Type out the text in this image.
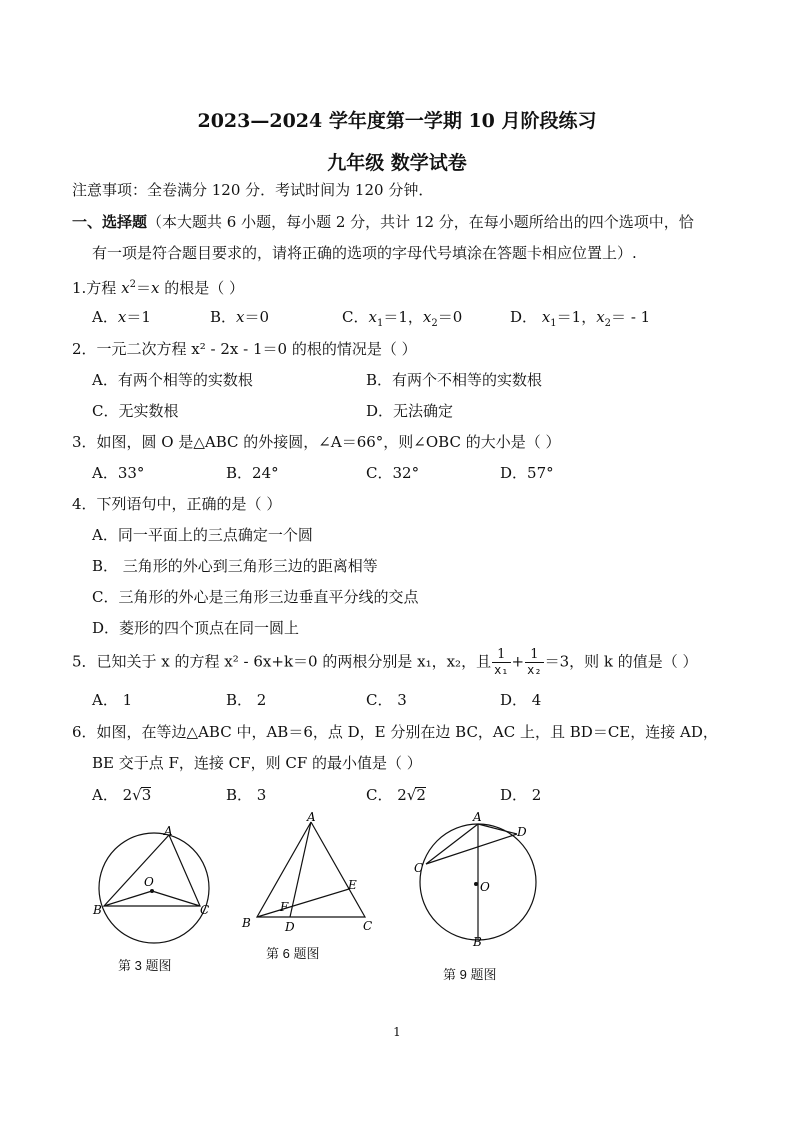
2023—2024 学年度第一学期 10 月阶段练习
九年级 数学试卷
注意事项：全卷满分 120 分．考试时间为 120 分钟．
一、选择题（本大题共 6 小题，每小题 2 分，共计 12 分，在每小题所给出的四个选项中，恰
有一项是符合题目要求的，请将正确的选项的字母代号填涂在答题卡相应位置上）.
1.方程 $x^2=x$ 的根是（ ）
A．x＝1	B．x＝0	C．$x_1=1$，$x_2=0$	D． $x_1=1$，$x_2= - 1$
2．一元二次方程 x² - 2x - 1＝0 的根的情况是（ ）
A．有两个相等的实数根	B．有两个不相等的实数根
C．无实数根	D．无法确定
3．如图，圆 O 是△ABC 的外接圆，∠A＝66°，则∠OBC 的大小是（ ）
A．33°	B．24°	C．32°	D．57°
4．下列语句中，正确的是（ ）
A．同一平面上的三点确定一个圆
B． 三角形的外心到三角形三边的距离相等
C．三角形的外心是三角形三边垂直平分线的交点
D．菱形的四个顶点在同一圆上
5．已知关于 x 的方程 x² - 6x+k＝0 的两根分别是 x₁，x₂，且 $\frac{1}{\text{x₁}} + \frac{1}{\text{x₂}} =3$，则 k 的值是（ ）
A． 1	B． 2	C． 3	D． 4
6．如图，在等边△ABC 中，AB＝6，点 D，E 分别在边 BC，AC 上，且 BD＝CE，连接 AD，
BE 交于点 F，连接 CF，则 CF 的最小值是（ ）
A． 2√3	B． 3	C． 2√2	D． 2
A
B	C
O
第 3 题图
A
B	C
D
E
F
第 6 题图
A
B
C
D
O
第 9 题图
1
